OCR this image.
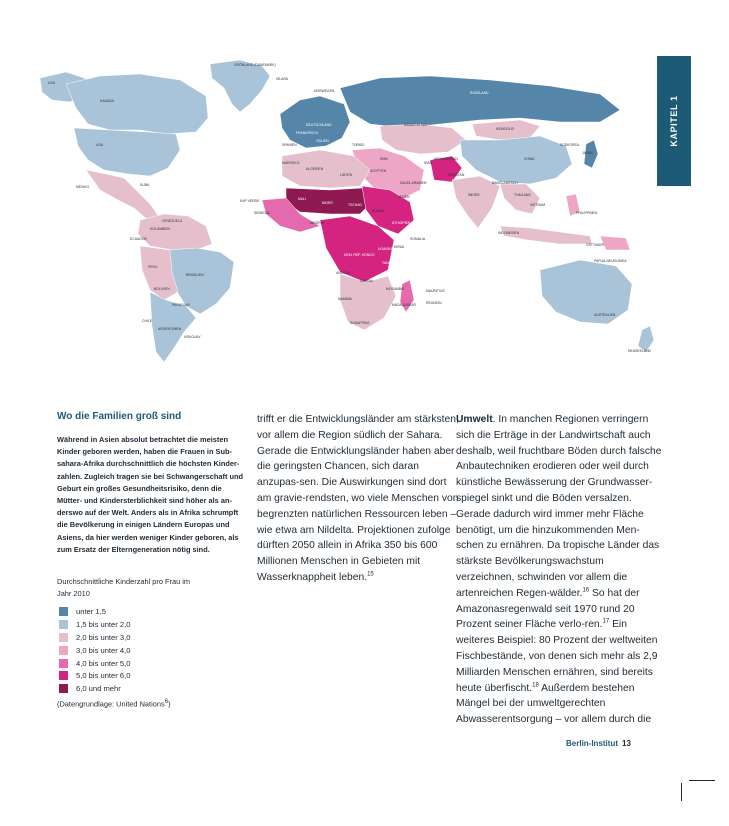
GRÖNLAND (DÄNEMARK)
USA
KANADA
USA
MEXIKO	KUBA
VENEZUELA
KOLUMBIEN
ECUADOR
PERU
BRASILIEN
BOLIVIEN
PARAGUAY
CHILE
ARGENTINIEN
URUGUAY
ISLAND
NORWEGEN	RUSSLAND
KASACHSTAN
MONGOLEI
CHINA
JAPAN
SÜDKOREA
INDIEN
PAKISTAN
IRAN
AFGHANISTAN
BANGLADESCH
SAUDI-ARABIEN
ÄGYPTEN
ALGERIEN
LIBYEN
MAROKKO
MALI
NIGER	TSCHAD
SUDAN
ÄTHIOPIEN
SOMALIA
NIGERIA
DEM. REP. KONGO
UGANDA
ANGOLA
KENIA
TANSANIA
SAMBIA
MOSAMBIK
NAMIBIA
SÜDAFRIKA
MADAGASKAR
MAURITIUS
RÉUNION
INDONESIEN
PHILIPPINEN
PAPUA-NEUGUINEA
OSTTIMOR
THAILAND
VIETNAM
AUSTRALIEN
NEUSEELAND
DEUTSCHLAND
FRANKREICH
SPANIEN
ITALIEN
TÜRKEI
IRAK
JEMEN
KAP VERDE
SENEGAL
KAPITEL 1
Wo die Familien groß sind

Während in Asien absolut betrachtet die meisten Kinder geboren werden, haben die Frauen in Sub-sahara-Afrika durchschnittlich die höchsten Kinder-zahlen. Zugleich tragen sie bei Schwangerschaft und Geburt ein großes Gesundheitsrisiko, denn die Mütter- und Kindersterblichkeit sind höher als an-derswo auf der Welt. Anders als in Afrika schrumpft die Bevölkerung in einigen Ländern Europas und Asiens, da hier werden weniger Kinder geboren, als zum Ersatz der Elterngeneration nötig sind.

Durchschnittliche Kinderzahl pro Frau im
Jahr 2010
unter 1,5
1,5 bis unter 2,0
2,0 bis unter 3,0
3,0 bis unter 4,0
4,0 bis unter 5,0
5,0 bis unter 6,0
6,0 und mehr
(Datengrundlage: United Nations$^6$)

trifft er die Entwicklungsländer am stärksten, vor allem die Region südlich der Sahara. Gerade die Entwicklungsländer haben aber die geringsten Chancen, sich daran anzupas-sen. Die Auswirkungen sind dort am gravie-rendsten, wo viele Menschen von begrenzten natürlichen Ressourcen leben – wie etwa am Nildelta. Projektionen zufolge dürften 2050 allein in Afrika 350 bis 600 Millionen Menschen in Gebieten mit Wasserknappheit leben.$^{15}$

Umwelt. In manchen Regionen verringern sich die Erträge in der Landwirtschaft auch deshalb, weil fruchtbare Böden durch falsche Anbautechniken erodieren oder weil durch künstliche Bewässerung der Grundwasser-spiegel sinkt und die Böden versalzen. Gerade dadurch wird immer mehr Fläche benötigt, um die hinzukommenden Men-schen zu ernähren. Da tropische Länder das stärkste Bevölkerungswachstum verzeichnen, schwinden vor allem die artenreichen Regen-wälder.$^{16}$ So hat der Amazonasregenwald seit 1970 rund 20 Prozent seiner Fläche verlo-ren.$^{17}$ Ein weiteres Beispiel: 80 Prozent der weltweiten Fischbestände, von denen sich mehr als 2,9 Milliarden Menschen ernähren, sind bereits heute überfischt.$^{18}$ Außerdem bestehen Mängel bei der umweltgerechten Abwasserentsorgung – vor allem durch die

Berlin-Institut 13
